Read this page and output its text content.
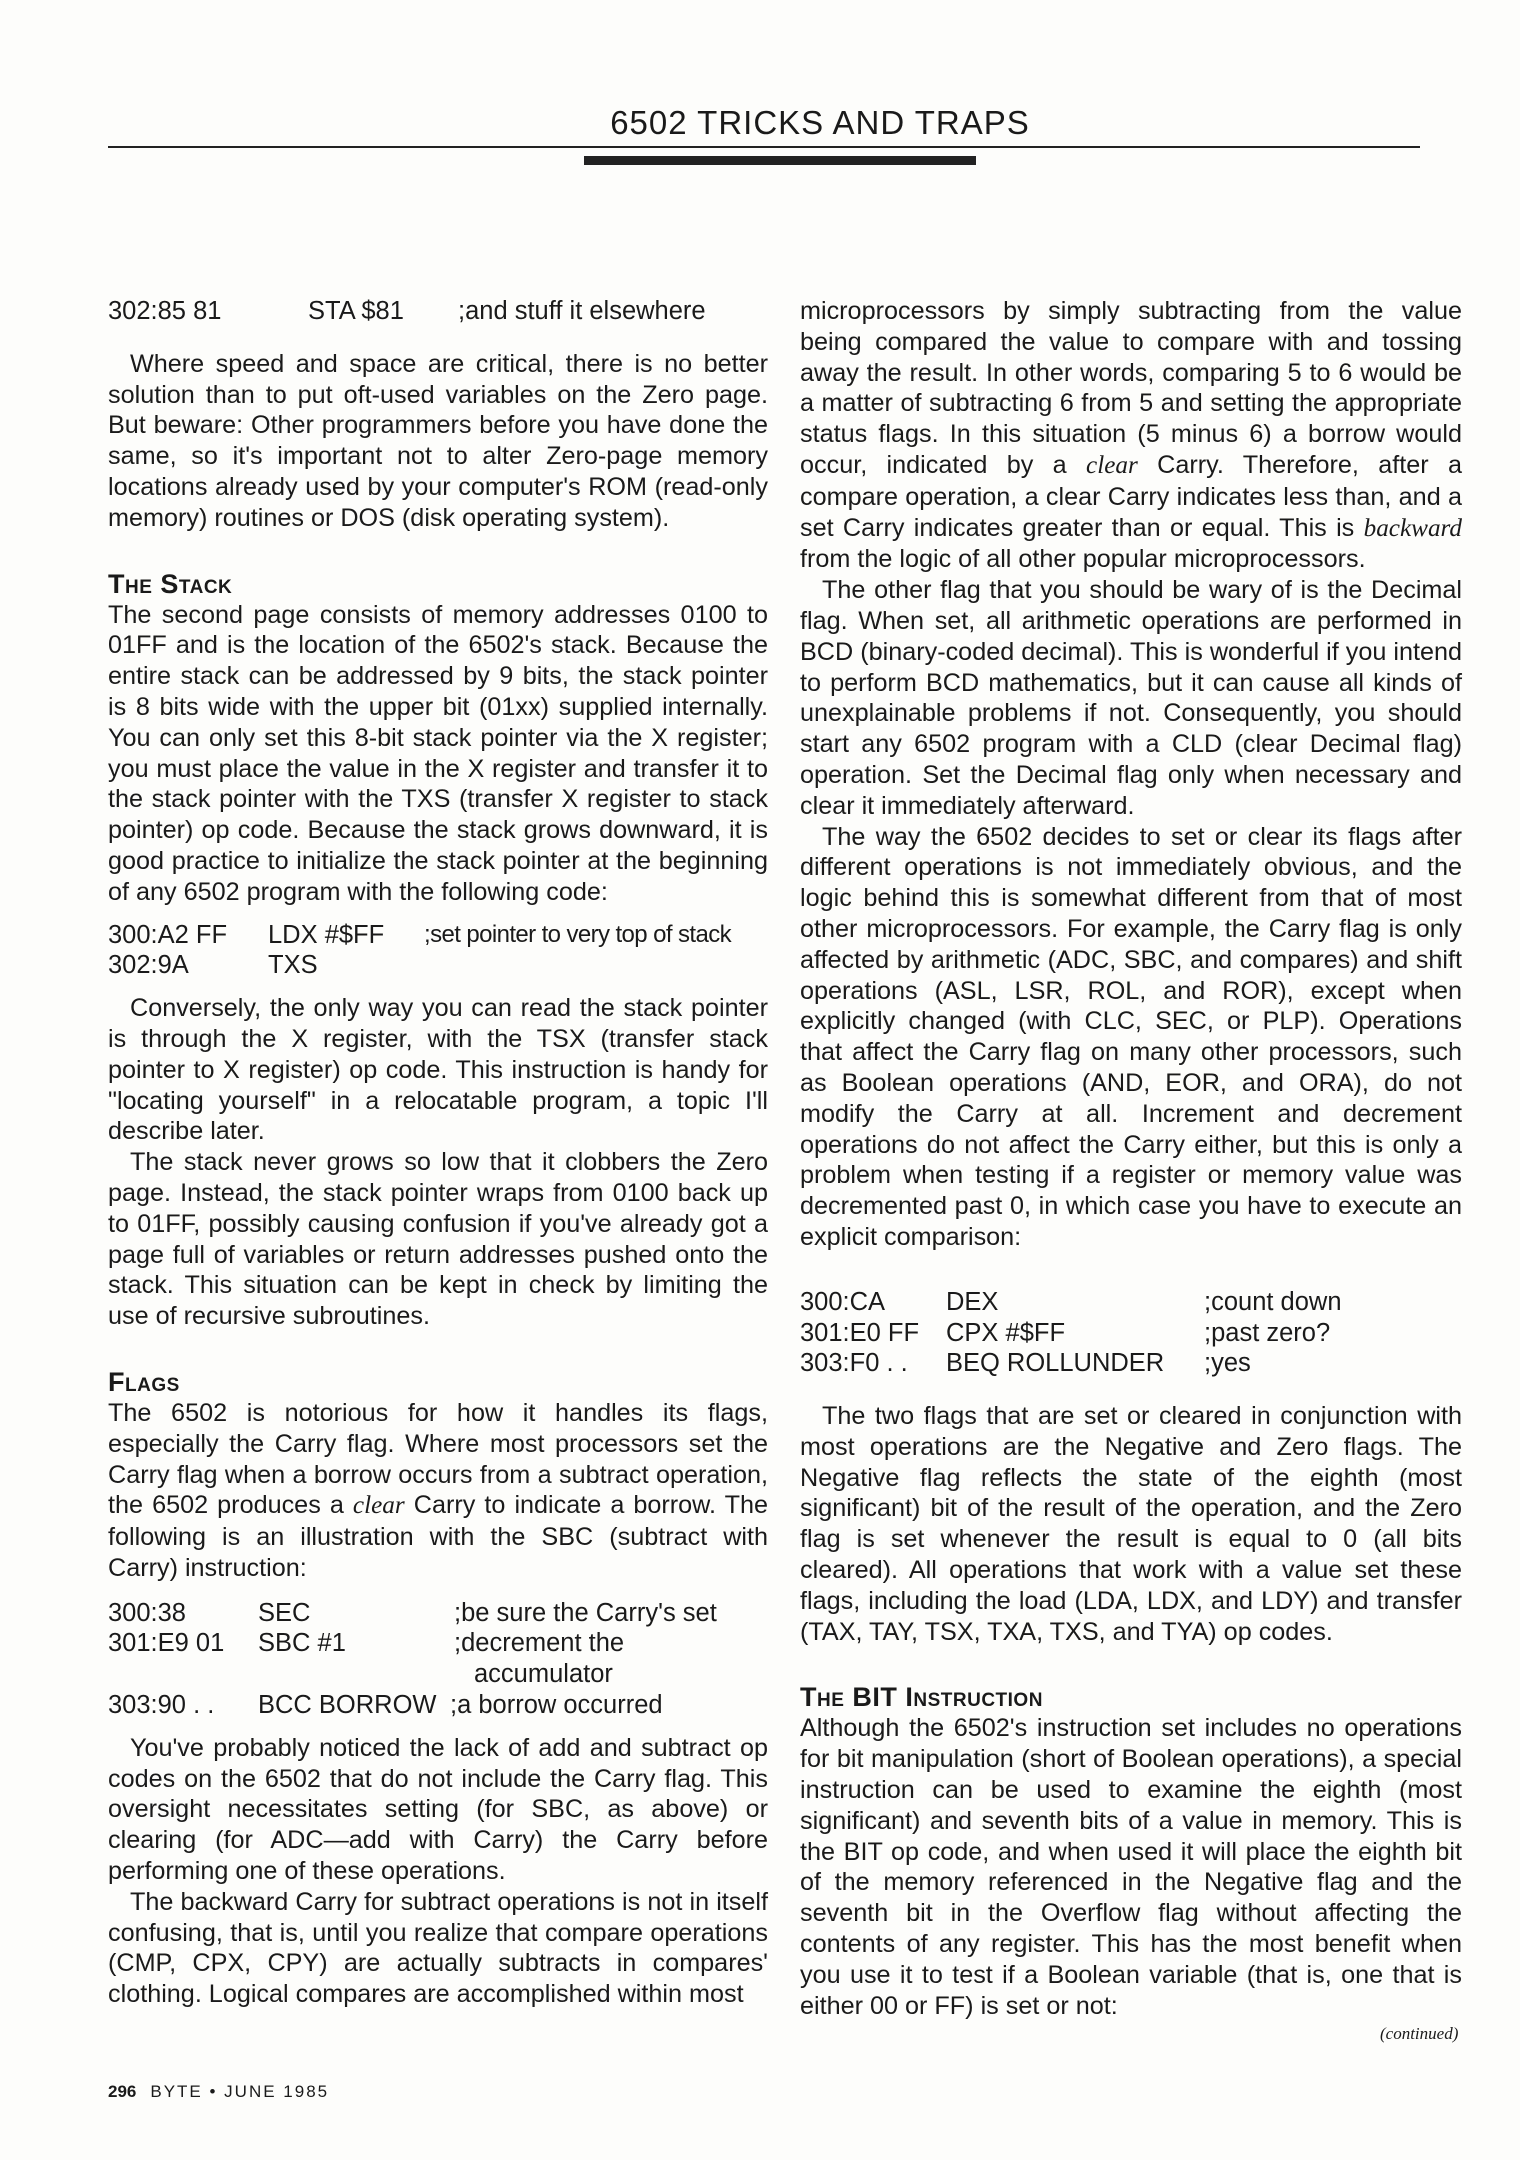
6502 TRICKS AND TRAPS
302:85 81	STA $81	;and stuff it elsewhere

Where speed and space are critical, there is no better solution than to put oft-used variables on the Zero page. But beware: Other programmers before you have done the same, so it's important not to alter Zero-page memory locations already used by your computer's ROM (read-only memory) routines or DOS (disk operating system).

The Stack

The second page consists of memory addresses 0100 to 01FF and is the location of the 6502's stack. Because the entire stack can be addressed by 9 bits, the stack pointer is 8 bits wide with the upper bit (01xx) supplied internally. You can only set this 8-bit stack pointer via the X register; you must place the value in the X register and transfer it to the stack pointer with the TXS (transfer X register to stack pointer) op code. Because the stack grows downward, it is good practice to initialize the stack pointer at the beginning of any 6502 program with the following code:

300:A2 FF	LDX #$FF	;set pointer to very top of stack
302:9A	TXS

Conversely, the only way you can read the stack pointer is through the X register, with the TSX (transfer stack pointer to X register) op code. This instruction is handy for "locating yourself" in a relocatable program, a topic I'll describe later.

The stack never grows so low that it clobbers the Zero page. Instead, the stack pointer wraps from 0100 back up to 01FF, possibly causing confusion if you've already got a page full of variables or return addresses pushed onto the stack. This situation can be kept in check by limiting the use of recursive subroutines.

Flags

The 6502 is notorious for how it handles its flags, especially the Carry flag. Where most processors set the Carry flag when a borrow occurs from a subtract operation, the 6502 produces a clear Carry to indicate a borrow. The following is an illustration with the SBC (subtract with Carry) instruction:

300:38	SEC	;be sure the Carry's set
301:E9 01	SBC #1	;decrement the
accumulator
303:90 . .	BCC BORROW ;a borrow occurred

You've probably noticed the lack of add and subtract op codes on the 6502 that do not include the Carry flag. This oversight necessitates setting (for SBC, as above) or clearing (for ADC—add with Carry) the Carry before performing one of these operations.

The backward Carry for subtract operations is not in itself confusing, that is, until you realize that compare operations (CMP, CPX, CPY) are actually subtracts in compares' clothing. Logical compares are accomplished within most

microprocessors by simply subtracting from the value being compared the value to compare with and tossing away the result. In other words, comparing 5 to 6 would be a matter of subtracting 6 from 5 and setting the appropriate status flags. In this situation (5 minus 6) a borrow would occur, indicated by a clear Carry. Therefore, after a compare operation, a clear Carry indicates less than, and a set Carry indicates greater than or equal. This is backward from the logic of all other popular microprocessors.

The other flag that you should be wary of is the Decimal flag. When set, all arithmetic operations are performed in BCD (binary-coded decimal). This is wonderful if you intend to perform BCD mathematics, but it can cause all kinds of unexplainable problems if not. Consequently, you should start any 6502 program with a CLD (clear Decimal flag) operation. Set the Decimal flag only when necessary and clear it immediately afterward.

The way the 6502 decides to set or clear its flags after different operations is not immediately obvious, and the logic behind this is somewhat different from that of most other microprocessors. For example, the Carry flag is only affected by arithmetic (ADC, SBC, and compares) and shift operations (ASL, LSR, ROL, and ROR), except when explicitly changed (with CLC, SEC, or PLP). Operations that affect the Carry flag on many other processors, such as Boolean operations (AND, EOR, and ORA), do not modify the Carry at all. Increment and decrement operations do not affect the Carry either, but this is only a problem when testing if a register or memory value was decremented past 0, in which case you have to execute an explicit comparison:

300:CA	DEX	;count down
301:E0 FF	CPX #$FF	;past zero?
303:F0 . .	BEQ ROLLUNDER	;yes

The two flags that are set or cleared in conjunction with most operations are the Negative and Zero flags. The Negative flag reflects the state of the eighth (most significant) bit of the result of the operation, and the Zero flag is set whenever the result is equal to 0 (all bits cleared). All operations that work with a value set these flags, including the load (LDA, LDX, and LDY) and transfer (TAX, TAY, TSX, TXA, TXS, and TYA) op codes.

The BIT Instruction

Although the 6502's instruction set includes no operations for bit manipulation (short of Boolean operations), a special instruction can be used to examine the eighth (most significant) and seventh bits of a value in memory. This is the BIT op code, and when used it will place the eighth bit of the memory referenced in the Negative flag and the seventh bit in the Overflow flag without affecting the contents of any register. This has the most benefit when you use it to test if a Boolean variable (that is, one that is either 00 or FF) is set or not:

(continued)
296 BYTE • JUNE 1985
